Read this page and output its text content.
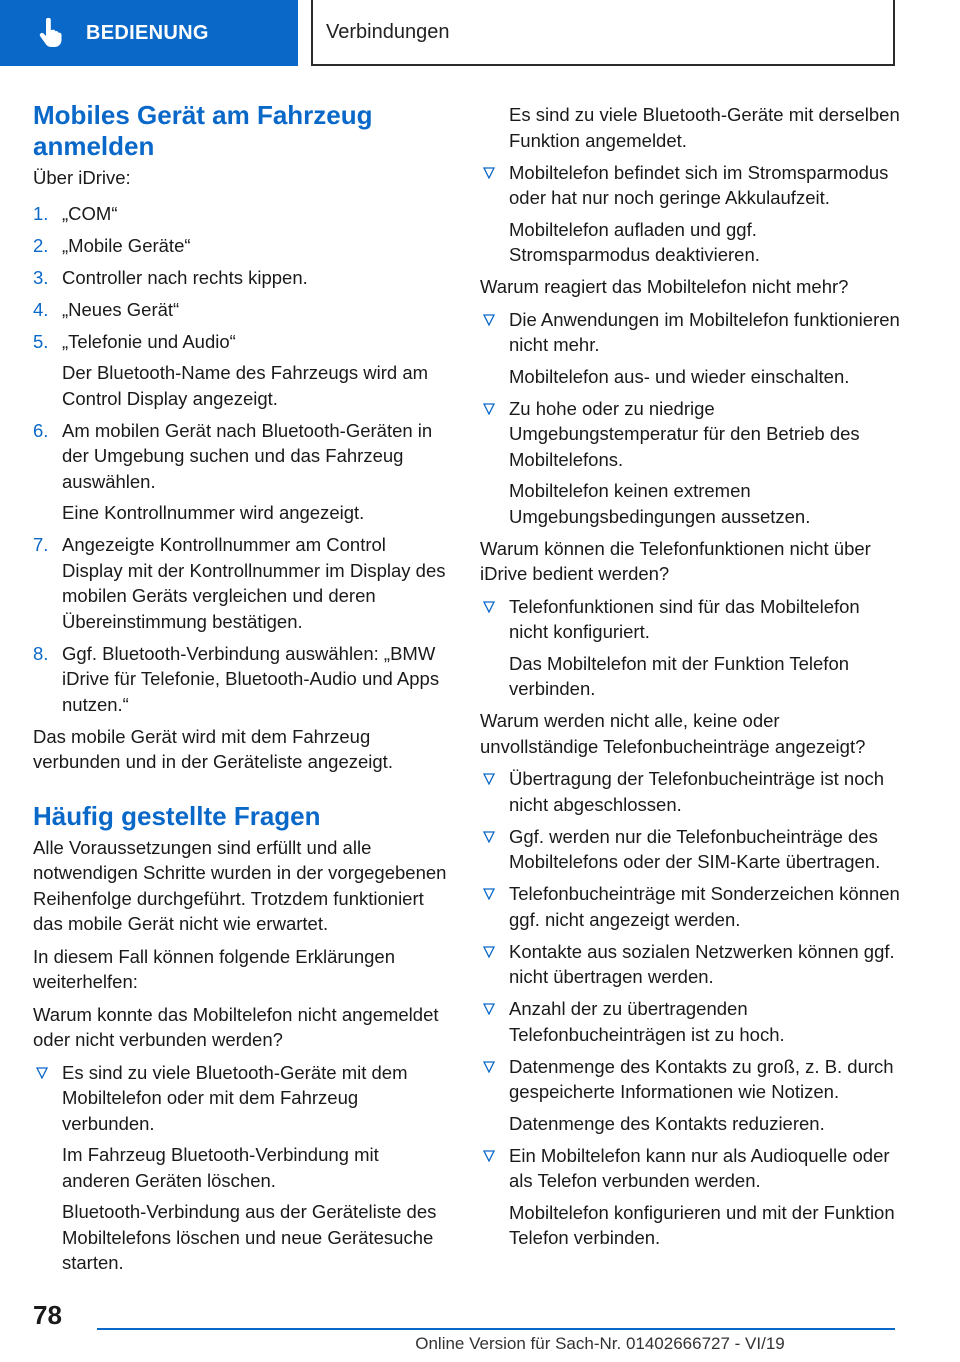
BEDIENUNG	Verbindungen
Mobiles Gerät am Fahrzeug anmelden

Über iDrive:

1. „COM“
2. „Mobile Geräte“
3. Controller nach rechts kippen.
4. „Neues Gerät“
5. „Telefonie und Audio“
Der Bluetooth-Name des Fahrzeugs wird am Control Display angezeigt.
6. Am mobilen Gerät nach Bluetooth-Geräten in der Umgebung suchen und das Fahrzeug auswählen.
Eine Kontrollnummer wird angezeigt.
7. Angezeigte Kontrollnummer am Control Display mit der Kontrollnummer im Display des mobilen Geräts vergleichen und deren Übereinstimmung bestätigen.
8. Ggf. Bluetooth-Verbindung auswählen: „BMW iDrive für Telefonie, Bluetooth-Audio und Apps nutzen.“

Das mobile Gerät wird mit dem Fahrzeug verbunden und in der Geräteliste angezeigt.

Häufig gestellte Fragen

Alle Voraussetzungen sind erfüllt und alle notwendigen Schritte wurden in der vorgegebenen Reihenfolge durchgeführt. Trotzdem funktioniert das mobile Gerät nicht wie erwartet.

In diesem Fall können folgende Erklärungen weiterhelfen:

Warum konnte das Mobiltelefon nicht angemeldet oder nicht verbunden werden?

Es sind zu viele Bluetooth-Geräte mit dem Mobiltelefon oder mit dem Fahrzeug verbunden.
Im Fahrzeug Bluetooth-Verbindung mit anderen Geräten löschen.
Bluetooth-Verbindung aus der Geräteliste des Mobiltelefons löschen und neue Gerätesuche starten.
Es sind zu viele Bluetooth-Geräte mit derselben Funktion angemeldet.
Mobiltelefon befindet sich im Stromsparmodus oder hat nur noch geringe Akkulaufzeit.
Mobiltelefon aufladen und ggf. Stromsparmodus deaktivieren.

Warum reagiert das Mobiltelefon nicht mehr?

Die Anwendungen im Mobiltelefon funktionieren nicht mehr.
Mobiltelefon aus- und wieder einschalten.
Zu hohe oder zu niedrige Umgebungstemperatur für den Betrieb des Mobiltelefons.
Mobiltelefon keinen extremen Umgebungsbedingungen aussetzen.

Warum können die Telefonfunktionen nicht über iDrive bedient werden?

Telefonfunktionen sind für das Mobiltelefon nicht konfiguriert.
Das Mobiltelefon mit der Funktion Telefon verbinden.

Warum werden nicht alle, keine oder unvollständige Telefonbucheinträge angezeigt?

Übertragung der Telefonbucheinträge ist noch nicht abgeschlossen.
Ggf. werden nur die Telefonbucheinträge des Mobiltelefons oder der SIM-Karte übertragen.
Telefonbucheinträge mit Sonderzeichen können ggf. nicht angezeigt werden.
Kontakte aus sozialen Netzwerken können ggf. nicht übertragen werden.
Anzahl der zu übertragenden Telefonbucheinträgen ist zu hoch.
Datenmenge des Kontakts zu groß, z. B. durch gespeicherte Informationen wie Notizen.
Datenmenge des Kontakts reduzieren.
Ein Mobiltelefon kann nur als Audioquelle oder als Telefon verbunden werden.
Mobiltelefon konfigurieren und mit der Funktion Telefon verbinden.
78
Online Version für Sach-Nr. 01402666727 - VI/19
